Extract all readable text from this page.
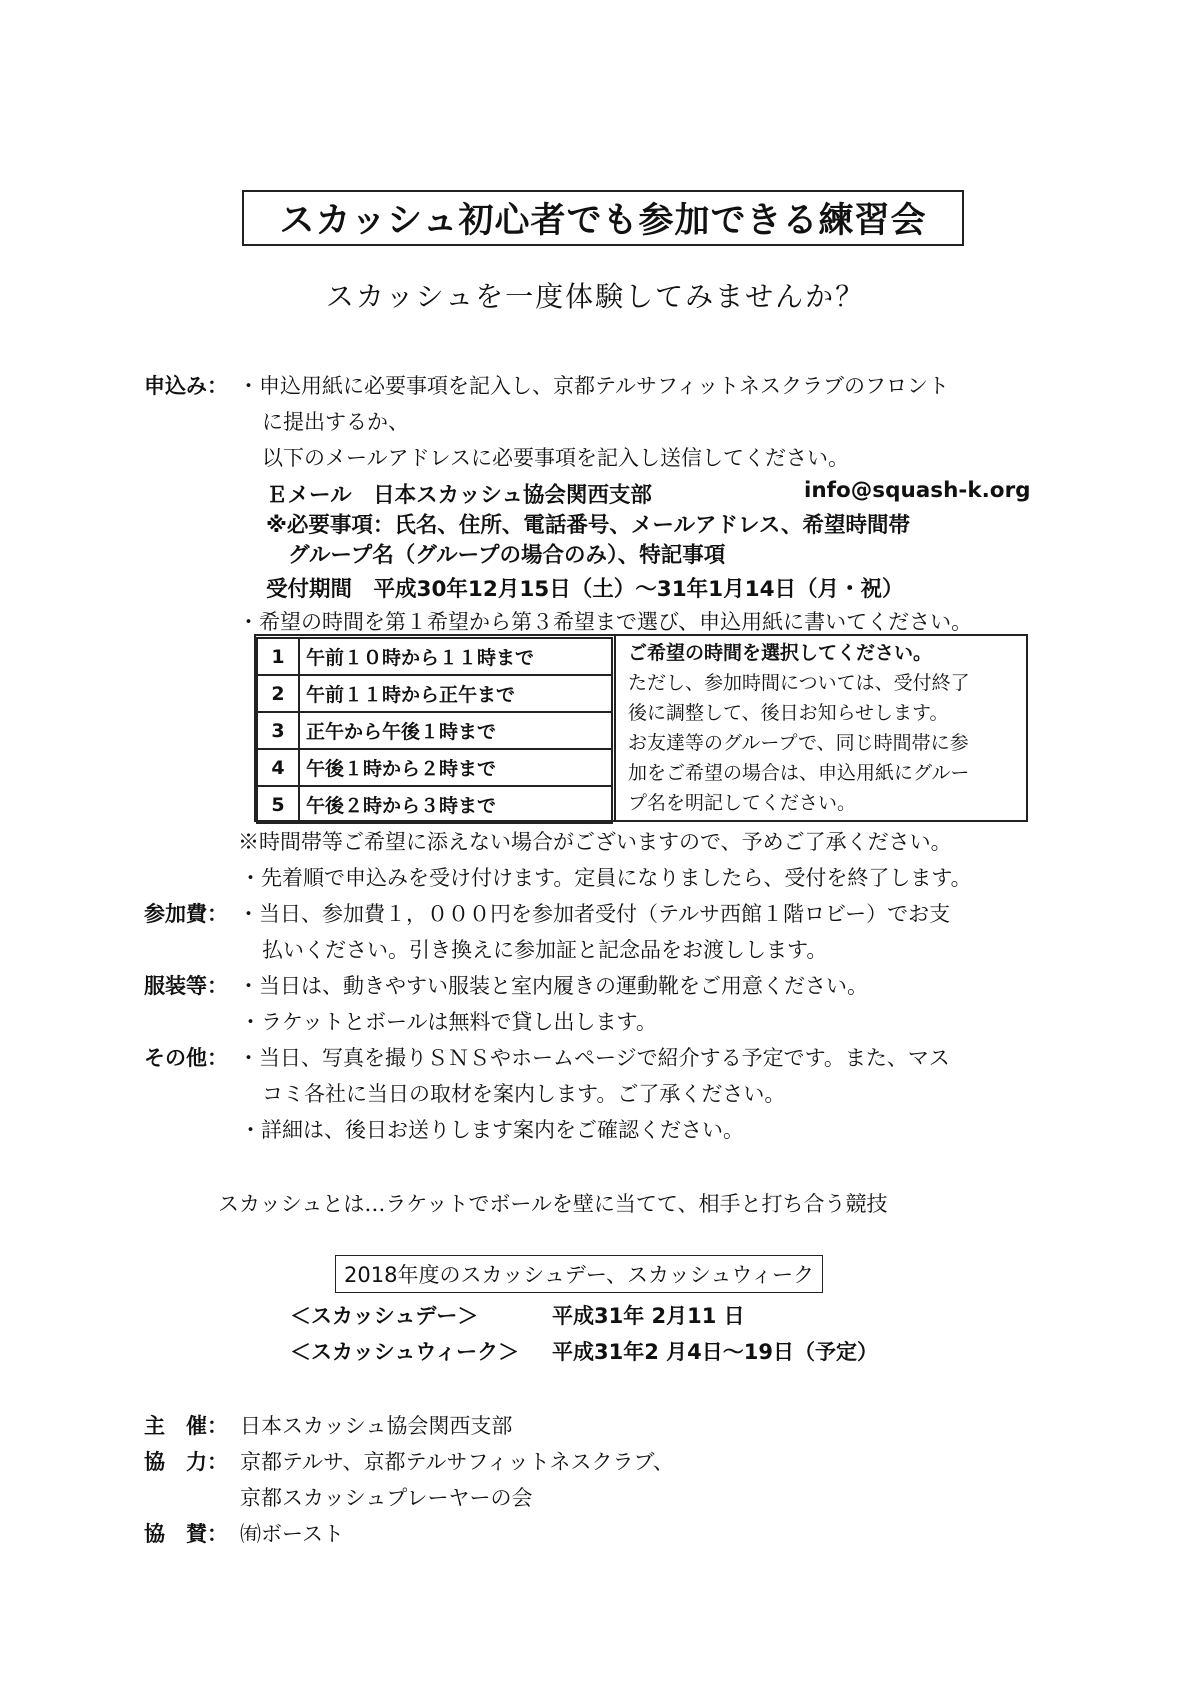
スカッシュ初心者でも参加できる練習会
スカッシュを一度体験してみませんか？
申込み： ・申込用紙に必要事項を記入し、京都テルサフィットネスクラブのフロント
に提出するか、
以下のメールアドレスに必要事項を記入し送信してください。
Ｅメール　日本スカッシュ協会関西支部	info@squash-k.org
※必要事項：氏名、住所、電話番号、メールアドレス、希望時間帯
グループ名（グループの場合のみ）、特記事項
受付期間　平成30年12月15日（土）～31年1月14日（月・祝）
・希望の時間を第１希望から第３希望まで選び、申込用紙に書いてください。
1	午前１０時から１１時まで
2	午前１１時から正午まで
3	正午から午後１時まで
4	午後１時から２時まで
5	午後２時から３時まで
ご希望の時間を選択してください。
ただし、参加時間については、受付終了
後に調整して、後日お知らせします。
お友達等のグループで、同じ時間帯に参
加をご希望の場合は、申込用紙にグルー
プ名を明記してください。
※時間帯等ご希望に添えない場合がございますので、予めご了承ください。
・先着順で申込みを受け付けます。定員になりましたら、受付を終了します。
参加費： ・当日、参加費１，０００円を参加者受付（テルサ西館１階ロビー）でお支
払いください。引き換えに参加証と記念品をお渡しします。
服装等： ・当日は、動きやすい服装と室内履きの運動靴をご用意ください。
・ラケットとボールは無料で貸し出します。
その他： ・当日、写真を撮りＳＮＳやホームページで紹介する予定です。また、マス
コミ各社に当日の取材を案内します。ご了承ください。
・詳細は、後日お送りします案内をご確認ください。
スカッシュとは…ラケットでボールを壁に当てて、相手と打ち合う競技
2018年度のスカッシュデー、スカッシュウィーク
＜スカッシュデー＞	平成31年 2月11 日
＜スカッシュウィーク＞ 平成31年2 月4日～19日（予定）
主　催： 日本スカッシュ協会関西支部
協　力： 京都テルサ、京都テルサフィットネスクラブ、
京都スカッシュプレーヤーの会
協　賛： ㈲ボースト
